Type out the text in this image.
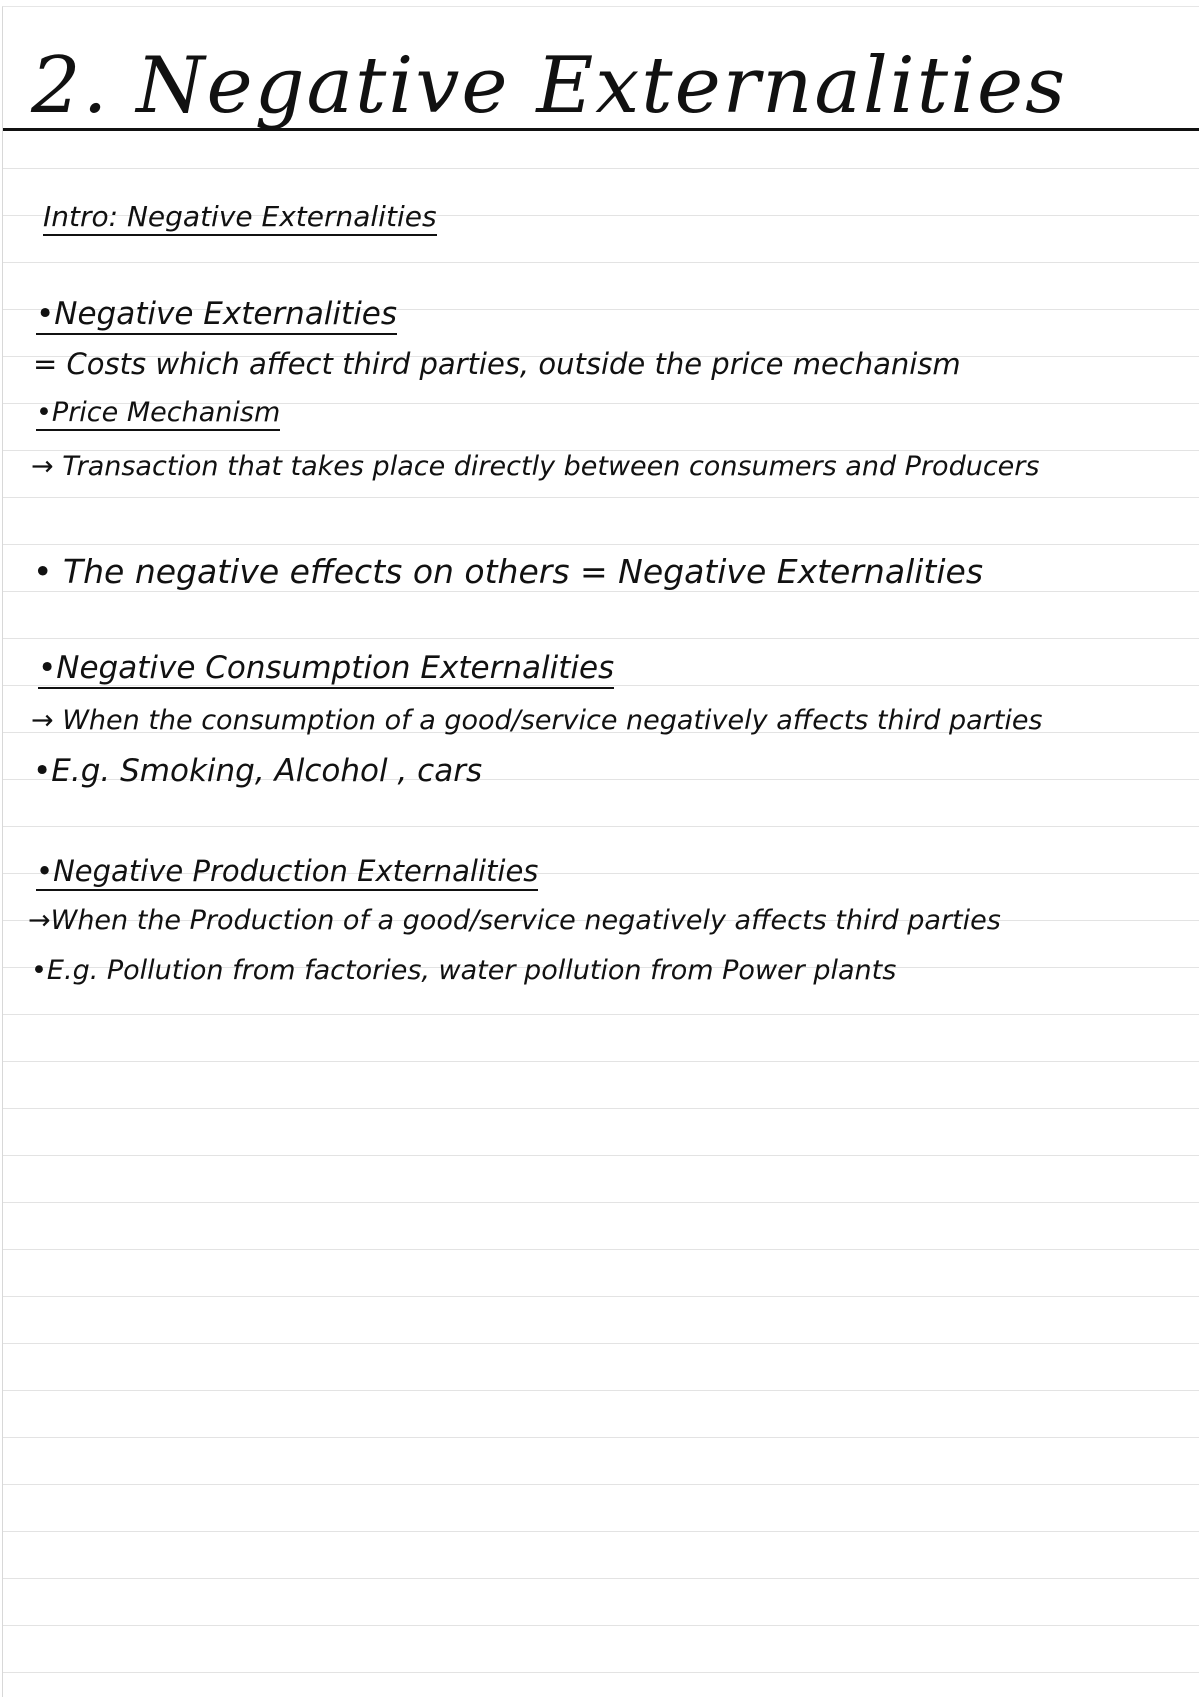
2. Negative Externalities
Intro: Negative Externalities
•Negative Externalities
= Costs which affect third parties, outside the price mechanism
•Price Mechanism
→ Transaction that takes place directly between consumers and Producers
• The negative effects on others = Negative Externalities
•Negative Consumption Externalities
→ When the consumption of a good/service negatively affects third parties
•E.g. Smoking, Alcohol , cars
•Negative Production Externalities
→When the Production of a good/service negatively affects third parties
•E.g. Pollution from factories, water pollution from Power plants
